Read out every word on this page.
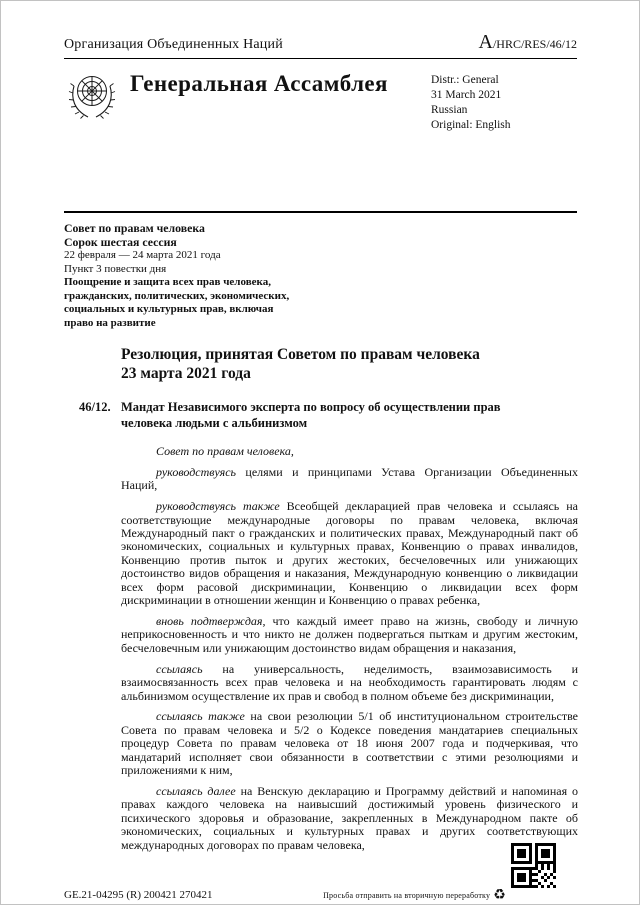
Организация Объединенных Наций	A/HRC/RES/46/12
Генеральная Ассамблея	Distr.: General
31 March 2021
Russian
Original: English
Совет по правам человека
Сорок шестая сессия
22 февраля — 24 марта 2021 года
Пункт 3 повестки дня
Поощрение и защита всех прав человека, гражданских, политических, экономических, социальных и культурных прав, включая право на развитие
Резолюция, принятая Советом по правам человека
23 марта 2021 года
46/12. Мандат Независимого эксперта по вопросу об осуществлении прав человека людьми с альбинизмом

Совет по правам человека,

руководствуясь целями и принципами Устава Организации Объединенных Наций,

руководствуясь также Всеобщей декларацией прав человека и ссылаясь на соответствующие международные договоры по правам человека, включая Международный пакт о гражданских и политических правах, Международный пакт об экономических, социальных и культурных правах, Конвенцию о правах инвалидов, Конвенцию против пыток и других жестоких, бесчеловечных или унижающих достоинство видов обращения и наказания, Международную конвенцию о ликвидации всех форм расовой дискриминации, Конвенцию о ликвидации всех форм дискриминации в отношении женщин и Конвенцию о правах ребенка,

вновь подтверждая, что каждый имеет право на жизнь, свободу и личную неприкосновенность и что никто не должен подвергаться пыткам и другим жестоким, бесчеловечным или унижающим достоинство видам обращения и наказания,

ссылаясь на универсальность, неделимость, взаимозависимость и взаимосвязанность всех прав человека и на необходимость гарантировать людям с альбинизмом осуществление их прав и свобод в полном объеме без дискриминации,

ссылаясь также на свои резолюции 5/1 об институциональном строительстве Совета по правам человека и 5/2 о Кодексе поведения мандатариев специальных процедур Совета по правам человека от 18 июня 2007 года и подчеркивая, что мандатарий исполняет свои обязанности в соответствии с этими резолюциями и приложениями к ним,

ссылаясь далее на Венскую декларацию и Программу действий и напоминая о правах каждого человека на наивысший достижимый уровень физического и психического здоровья и образование, закрепленных в Международном пакте об экономических, социальных и культурных правах и других соответствующих международных договорах по правам человека,

GE.21-04295 (R) 200421 270421	Просьба отправить на вторичную переработку ♻
